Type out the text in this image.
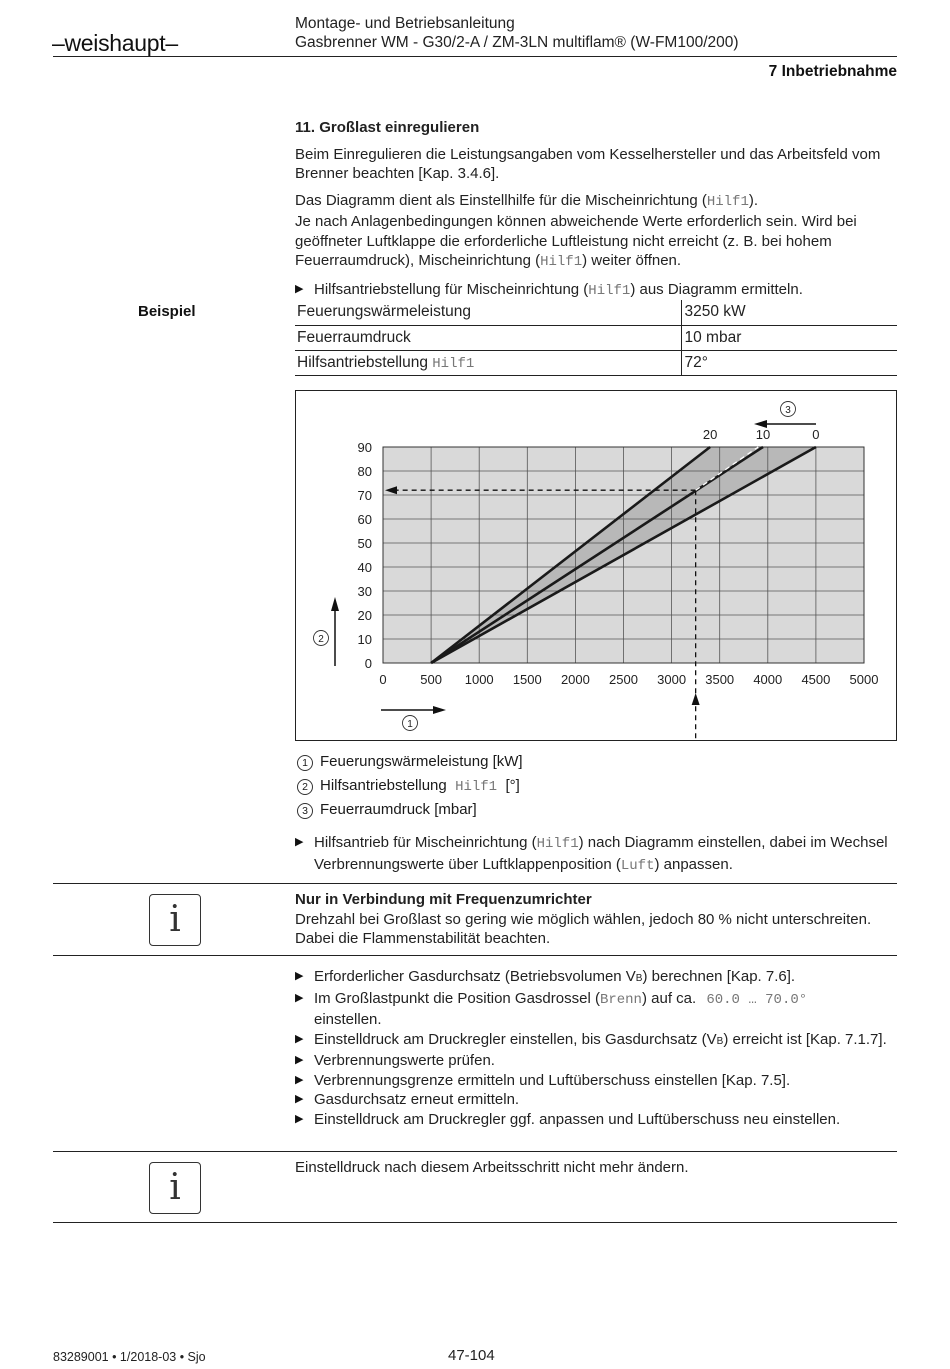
–weishaupt–
Montage- und Betriebsanleitung
Gasbrenner WM - G30/2-A / ZM-3LN multiflam® (W-FM100/200)
7 Inbetriebnahme
11. Großlast einregulieren
Beim Einregulieren die Leistungsangaben vom Kesselhersteller und das Arbeitsfeld vom Brenner beachten [Kap. 3.4.6].
Das Diagramm dient als Einstellhilfe für die Mischeinrichtung (Hilf1).
Je nach Anlagenbedingungen können abweichende Werte erforderlich sein. Wird bei geöffneter Luftklappe die erforderliche Luftleistung nicht erreicht (z. B. bei hohem Feuerraumdruck), Mischeinrichtung (Hilf1) weiter öffnen.
▶ Hilfsantriebstellung für Mischeinrichtung (Hilf1) aus Diagramm ermitteln.
Beispiel	Feuerungswärmeleistung	3250 kW
Feuerraumdruck	10 mbar
Hilfsantriebstellung Hilf1	72°
0	500 1000 1500 2000 2500 3000 3500 4000 4500 5000
0
10
20
30
40
50
60
70
80
90
20	10	0
3
2
1
1 Feuerungswärmeleistung [kW]
2 Hilfsantriebstellung Hilf1 [°]
3 Feuerraumdruck [mbar]
▶ Hilfsantrieb für Mischeinrichtung (Hilf1) nach Diagramm einstellen, dabei im Wechsel Verbrennungswerte über Luftklappenposition (Luft) anpassen.
i	Nur in Verbindung mit Frequenzumrichter
Drehzahl bei Großlast so gering wie möglich wählen, jedoch 80 % nicht unterschreiten. Dabei die Flammenstabilität beachten.
▶ Erforderlicher Gasdurchsatz (Betriebsvolumen VB) berechnen [Kap. 7.6].
▶ Im Großlastpunkt die Position Gasdrossel (Brenn) auf ca. 60.0 … 70.0°
einstellen.
▶ Einstelldruck am Druckregler einstellen, bis Gasdurchsatz (VB) erreicht ist [Kap. 7.1.7].
▶ Verbrennungswerte prüfen.
▶ Verbrennungsgrenze ermitteln und Luftüberschuss einstellen [Kap. 7.5].
▶ Gasdurchsatz erneut ermitteln.
▶ Einstelldruck am Druckregler ggf. anpassen und Luftüberschuss neu einstellen.
i	Einstelldruck nach diesem Arbeitsschritt nicht mehr ändern.
83289001 • 1/2018-03 • Sjo	47-104
